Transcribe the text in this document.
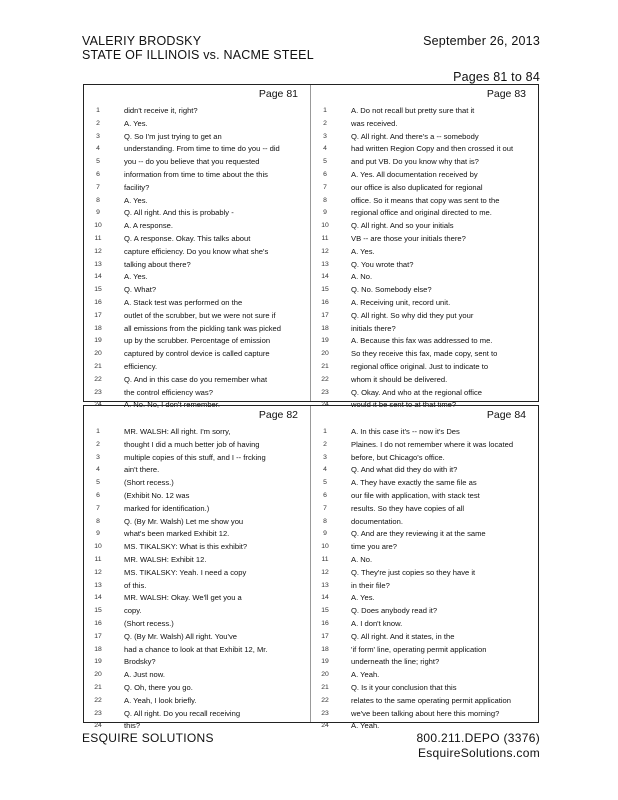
VALERIY BRODSKY
STATE OF ILLINOIS vs. NACME STEEL
September 26, 2013
Pages 81 to 84
Page 81
1	didn't receive it, right?
2	A. Yes.
3	Q. So I'm just trying to get an
4	understanding. From time to time do you -- did
5	you -- do you believe that you requested
6	information from time to time about the this
7	facility?
8	A. Yes.
9	Q. All right. And this is probably -
10	A. A response.
11	Q. A response. Okay. This talks about
12	capture efficiency. Do you know what she's
13	talking about there?
14	A. Yes.
15	Q. What?
16	A. Stack test was performed on the
17	outlet of the scrubber, but we were not sure if
18	all emissions from the pickling tank was picked
19	up by the scrubber. Percentage of emission
20	captured by control device is called capture
21	efficiency.
22	Q. And in this case do you remember what
23	the control efficiency was?
24	A. No. No, I don't remember.
Page 83
1	A. Do not recall but pretty sure that it
2	was received.
3	Q. All right. And there's a -- somebody
4	had written Region Copy and then crossed it out
5	and put VB. Do you know why that is?
6	A. Yes. All documentation received by
7	our office is also duplicated for regional
8	office. So it means that copy was sent to the
9	regional office and original directed to me.
10	Q. All right. And so your initials
11	VB -- are those your initials there?
12	A. Yes.
13	Q. You wrote that?
14	A. No.
15	Q. No. Somebody else?
16	A. Receiving unit, record unit.
17	Q. All right. So why did they put your
18	initials there?
19	A. Because this fax was addressed to me.
20	So they receive this fax, made copy, sent to
21	regional office original. Just to indicate to
22	whom it should be delivered.
23	Q. Okay. And who at the regional office
24	would it be sent to at that time?
Page 82
1	MR. WALSH: All right. I'm sorry,
2	thought I did a much better job of having
3	multiple copies of this stuff, and I -- frcking
4	ain't there.
5	(Short recess.)
6	(Exhibit No. 12 was
7	marked for identification.)
8	Q. (By Mr. Walsh) Let me show you
9	what's been marked Exhibit 12.
10	MS. TIKALSKY: What is this exhibit?
11	MR. WALSH: Exhibit 12.
12	MS. TIKALSKY: Yeah. I need a copy
13	of this.
14	MR. WALSH: Okay. We'll get you a
15	copy.
16	(Short recess.)
17	Q. (By Mr. Walsh) All right. You've
18	had a chance to look at that Exhibit 12, Mr.
19	Brodsky?
20	A. Just now.
21	Q. Oh, there you go.
22	A. Yeah, I look briefly.
23	Q. All right. Do you recall receiving
24	this?
Page 84
1	A. In this case it's -- now it's Des
2	Plaines. I do not remember where it was located
3	before, but Chicago's office.
4	Q. And what did they do with it?
5	A. They have exactly the same file as
6	our file with application, with stack test
7	results. So they have copies of all
8	documentation.
9	Q. And are they reviewing it at the same
10	time you are?
11	A. No.
12	Q. They're just copies so they have it
13	in their file?
14	A. Yes.
15	Q. Does anybody read it?
16	A. I don't know.
17	Q. All right. And it states, in the
18	'if form' line, operating permit application
19	underneath the line; right?
20	A. Yeah.
21	Q. Is it your conclusion that this
22	relates to the same operating permit application
23	we've been talking about here this morning?
24	A. Yeah.
ESQUIRE SOLUTIONS	800.211.DEPO (3376)
EsquireSolutions.com
